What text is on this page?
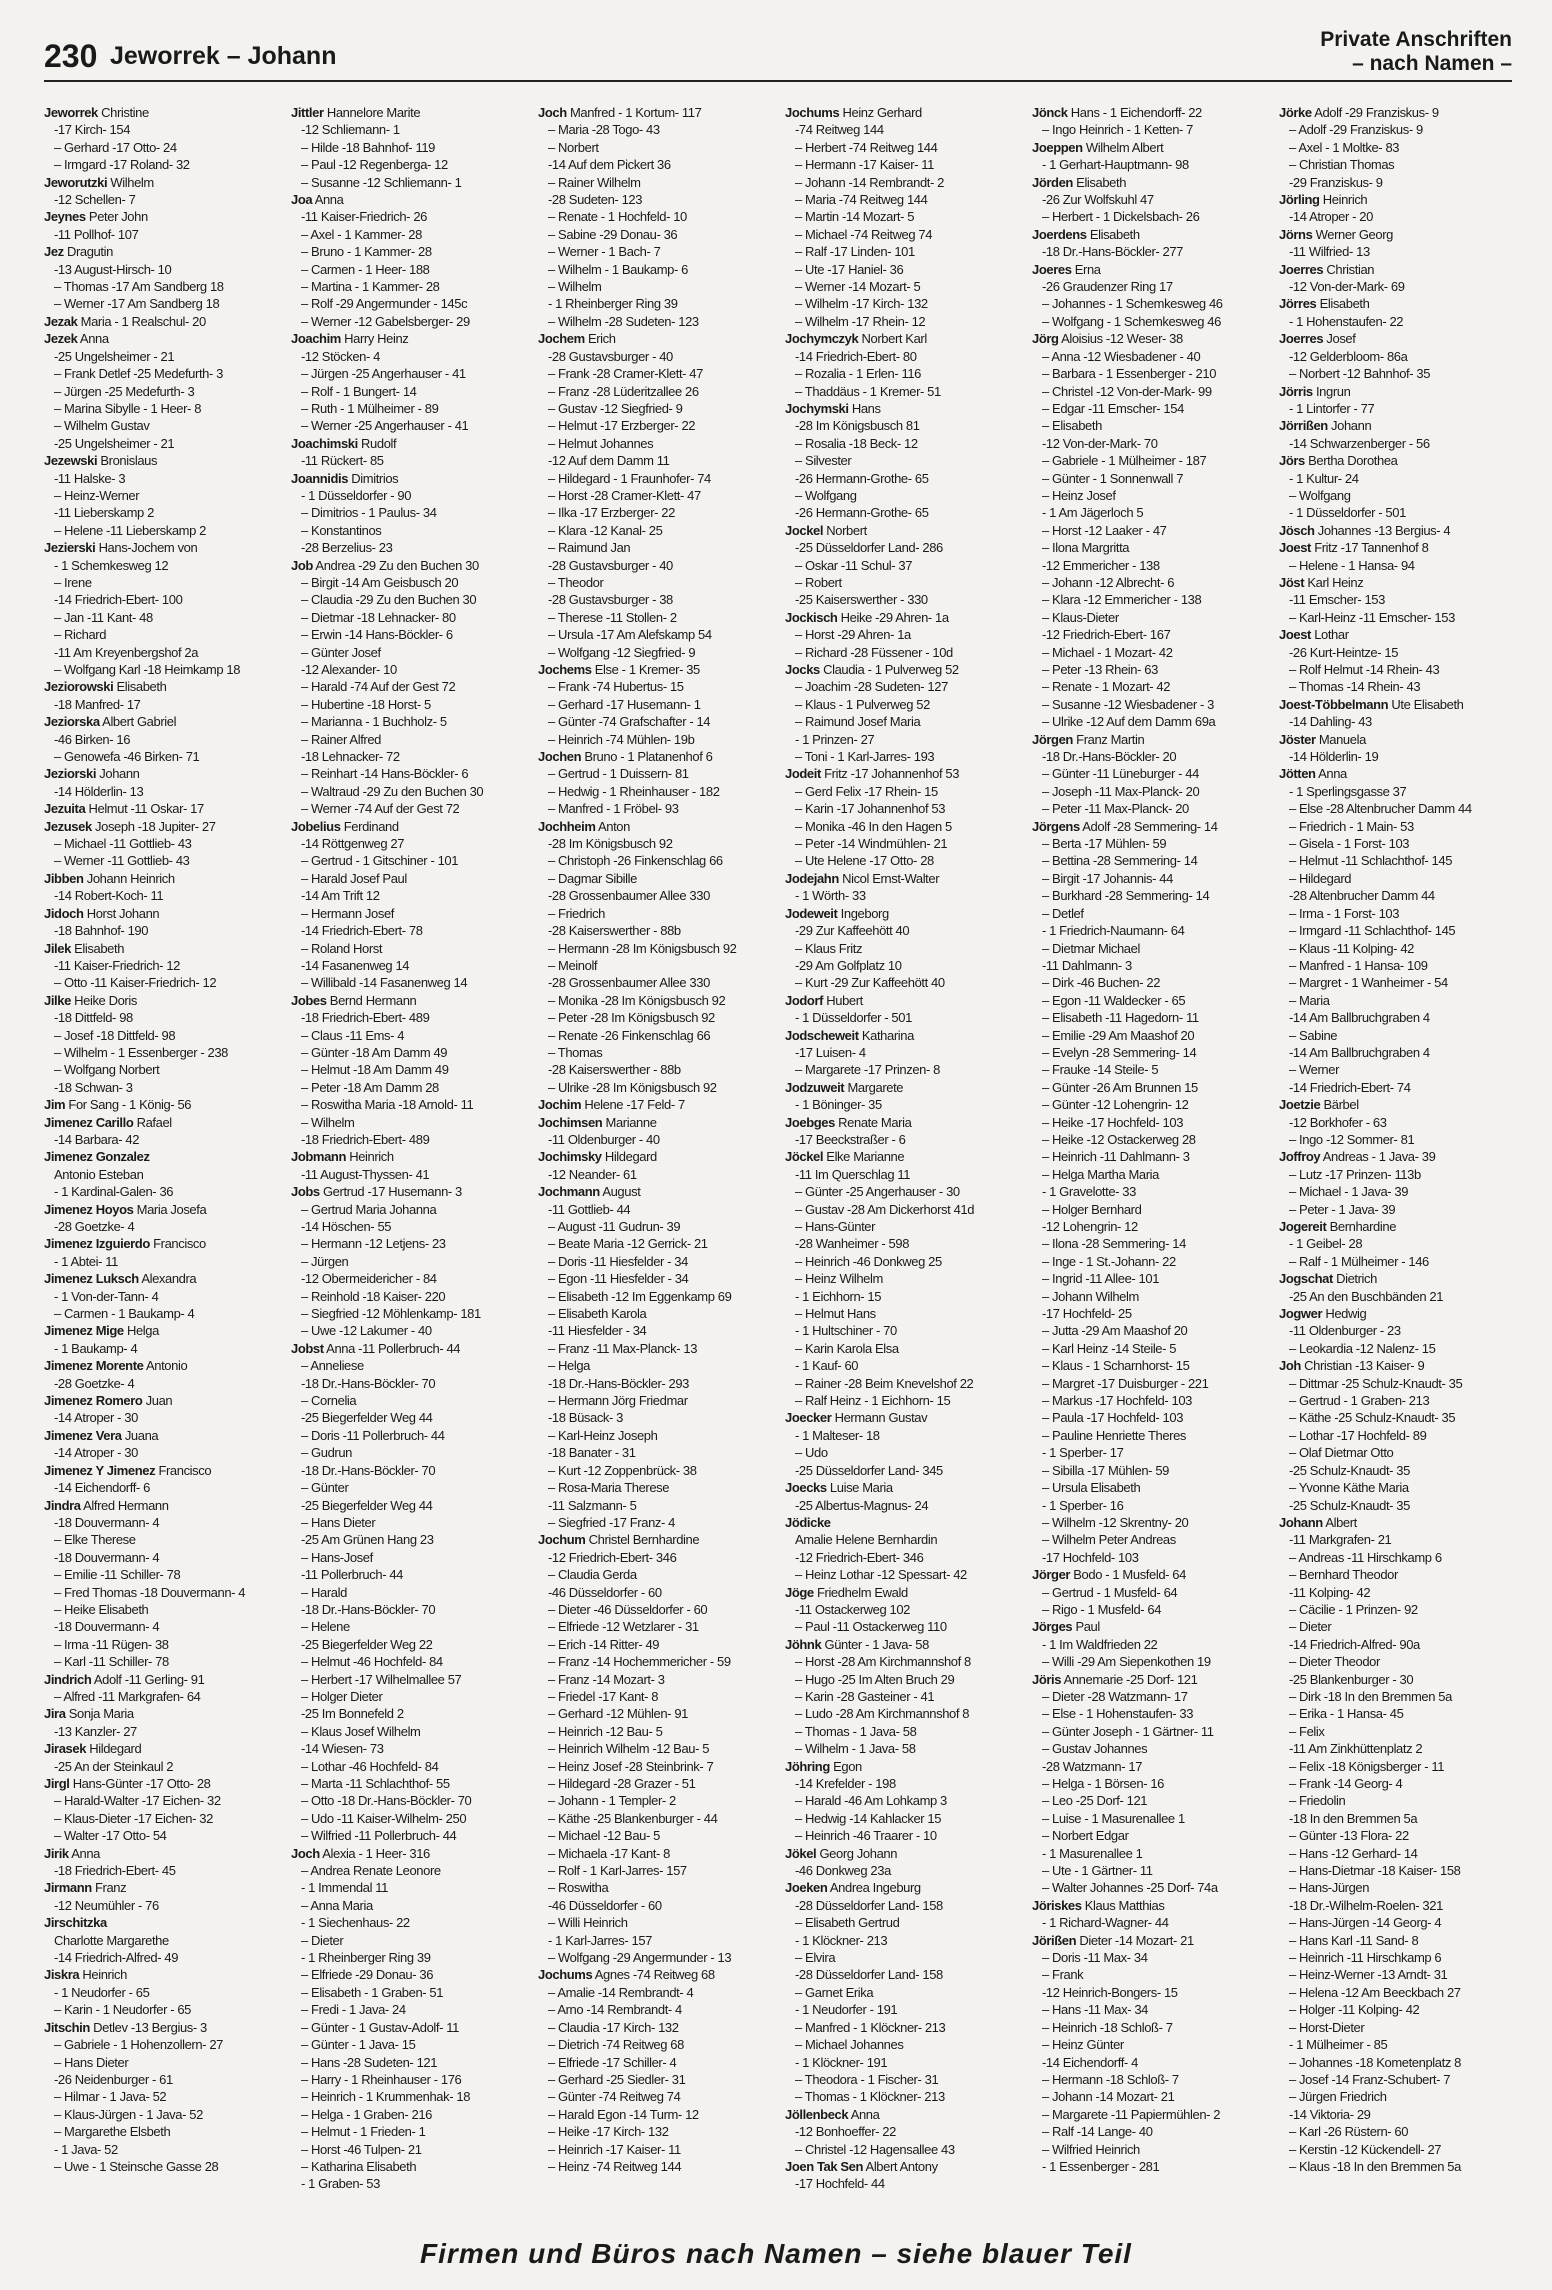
230 Jeworrek – Johann
Private Anschriften
– nach Namen –
Jeworrek Christine
-17 Kirch- 154
– Gerhard -17 Otto- 24
– Irmgard -17 Roland- 32
Jeworutzki Wilhelm
-12 Schellen- 7
Jeynes Peter John
-11 Pollhof- 107
Jez Dragutin
-13 August-Hirsch- 10
– Thomas -17 Am Sandberg 18
– Werner -17 Am Sandberg 18
Jezak Maria - 1 Realschul- 20
Jezek Anna
-25 Ungelsheimer - 21
– Frank Detlef -25 Medefurth- 3
– Jürgen -25 Medefurth- 3
– Marina Sibylle - 1 Heer- 8
– Wilhelm Gustav
-25 Ungelsheimer - 21
Jezewski Bronislaus
-11 Halske- 3
– Heinz-Werner
-11 Lieberskamp 2
– Helene -11 Lieberskamp 2
Jezierski Hans-Jochem von
- 1 Schemkesweg 12
– Irene
-14 Friedrich-Ebert- 100
– Jan -11 Kant- 48
– Richard
-11 Am Kreyenbergshof 2a
– Wolfgang Karl -18 Heimkamp 18
Jeziorowski Elisabeth
-18 Manfred- 17
Jeziorska Albert Gabriel
-46 Birken- 16
– Genowefa -46 Birken- 71
Jeziorski Johann
-14 Hölderlin- 13
Jezuita Helmut -11 Oskar- 17
Jezusek Joseph -18 Jupiter- 27
– Michael -11 Gottlieb- 43
– Werner -11 Gottlieb- 43
Jibben Johann Heinrich
-14 Robert-Koch- 11
Jidoch Horst Johann
-18 Bahnhof- 190
Jilek Elisabeth
-11 Kaiser-Friedrich- 12
– Otto -11 Kaiser-Friedrich- 12
Jilke Heike Doris
-18 Dittfeld- 98
– Josef -18 Dittfeld- 98
– Wilhelm - 1 Essenberger - 238
– Wolfgang Norbert
-18 Schwan- 3
Jim For Sang - 1 König- 56
Jimenez Carillo Rafael
-14 Barbara- 42
Jimenez Gonzalez
Antonio Esteban
- 1 Kardinal-Galen- 36
Jimenez Hoyos Maria Josefa
-28 Goetzke- 4
Jimenez Izguierdo Francisco
- 1 Abtei- 11
Jimenez Luksch Alexandra
- 1 Von-der-Tann- 4
– Carmen - 1 Baukamp- 4
Jimenez Mige Helga
- 1 Baukamp- 4
Jimenez Morente Antonio
-28 Goetzke- 4
Jimenez Romero Juan
-14 Atroper - 30
Jimenez Vera Juana
-14 Atroper - 30
Jimenez Y Jimenez Francisco
-14 Eichendorff- 6
Jindra Alfred Hermann
-18 Douvermann- 4
– Elke Therese
-18 Douvermann- 4
– Emilie -11 Schiller- 78
– Fred Thomas -18 Douvermann- 4
– Heike Elisabeth
-18 Douvermann- 4
– Irma -11 Rügen- 38
– Karl -11 Schiller- 78
Jindrich Adolf -11 Gerling- 91
– Alfred -11 Markgrafen- 64
Jira Sonja Maria
-13 Kanzler- 27
Jirasek Hildegard
-25 An der Steinkaul 2
Jirgl Hans-Günter -17 Otto- 28
– Harald-Walter -17 Eichen- 32
– Klaus-Dieter -17 Eichen- 32
– Walter -17 Otto- 54
Jirik Anna
-18 Friedrich-Ebert- 45
Jirmann Franz
-12 Neumühler - 76
Jirschitzka
Charlotte Margarethe
-14 Friedrich-Alfred- 49
Jiskra Heinrich
- 1 Neudorfer - 65
– Karin - 1 Neudorfer - 65
Jitschin Detlev -13 Bergius- 3
– Gabriele - 1 Hohenzollern- 27
– Hans Dieter
-26 Neidenburger - 61
– Hilmar - 1 Java- 52
– Klaus-Jürgen - 1 Java- 52
– Margarethe Elsbeth
- 1 Java- 52
– Uwe - 1 Steinsche Gasse 28
Jittler Hannelore Marite
-12 Schliemann- 1
– Hilde -18 Bahnhof- 119
– Paul -12 Regenberga- 12
– Susanne -12 Schliemann- 1
Joa Anna
-11 Kaiser-Friedrich- 26
– Axel - 1 Kammer- 28
– Bruno - 1 Kammer- 28
– Carmen - 1 Heer- 188
– Martina - 1 Kammer- 28
– Rolf -29 Angermunder - 145c
– Werner -12 Gabelsberger- 29
Joachim Harry Heinz
-12 Stöcken- 4
– Jürgen -25 Angerhauser - 41
– Rolf - 1 Bungert- 14
– Ruth - 1 Mülheimer - 89
– Werner -25 Angerhauser - 41
Joachimski Rudolf
-11 Rückert- 85
Joannidis Dimitrios
- 1 Düsseldorfer - 90
– Dimitrios - 1 Paulus- 34
– Konstantinos
-28 Berzelius- 23
Job Andrea -29 Zu den Buchen 30
– Birgit -14 Am Geisbusch 20
– Claudia -29 Zu den Buchen 30
– Dietmar -18 Lehnacker- 80
– Erwin -14 Hans-Böckler- 6
– Günter Josef
-12 Alexander- 10
– Harald -74 Auf der Gest 72
– Hubertine -18 Horst- 5
– Marianna - 1 Buchholz- 5
– Rainer Alfred
-18 Lehnacker- 72
– Reinhart -14 Hans-Böckler- 6
– Waltraud -29 Zu den Buchen 30
– Werner -74 Auf der Gest 72
Jobelius Ferdinand
-14 Röttgenweg 27
– Gertrud - 1 Gitschiner - 101
– Harald Josef Paul
-14 Am Trift 12
– Hermann Josef
-14 Friedrich-Ebert- 78
– Roland Horst
-14 Fasanenweg 14
– Willibald -14 Fasanenweg 14
Jobes Bernd Hermann
-18 Friedrich-Ebert- 489
– Claus -11 Ems- 4
– Günter -18 Am Damm 49
– Helmut -18 Am Damm 49
– Peter -18 Am Damm 28
– Roswitha Maria -18 Arnold- 11
– Wilhelm
-18 Friedrich-Ebert- 489
Jobmann Heinrich
-11 August-Thyssen- 41
Jobs Gertrud -17 Husemann- 3
– Gertrud Maria Johanna
-14 Höschen- 55
– Hermann -12 Letjens- 23
– Jürgen
-12 Obermeidericher - 84
– Reinhold -18 Kaiser- 220
– Siegfried -12 Möhlenkamp- 181
– Uwe -12 Lakumer - 40
Jobst Anna -11 Pollerbruch- 44
– Anneliese
-18 Dr.-Hans-Böckler- 70
– Cornelia
-25 Biegerfelder Weg 44
– Doris -11 Pollerbruch- 44
– Gudrun
-18 Dr.-Hans-Böckler- 70
– Günter
-25 Biegerfelder Weg 44
– Hans Dieter
-25 Am Grünen Hang 23
– Hans-Josef
-11 Pollerbruch- 44
– Harald
-18 Dr.-Hans-Böckler- 70
– Helene
-25 Biegerfelder Weg 22
– Helmut -46 Hochfeld- 84
– Herbert -17 Wilhelmallee 57
– Holger Dieter
-25 Im Bonnefeld 2
– Klaus Josef Wilhelm
-14 Wiesen- 73
– Lothar -46 Hochfeld- 84
– Marta -11 Schlachthof- 55
– Otto -18 Dr.-Hans-Böckler- 70
– Udo -11 Kaiser-Wilhelm- 250
– Wilfried -11 Pollerbruch- 44
Joch Alexia - 1 Heer- 316
– Andrea Renate Leonore
- 1 Immendal 11
– Anna Maria
- 1 Siechenhaus- 22
– Dieter
- 1 Rheinberger Ring 39
– Elfriede -29 Donau- 36
– Elisabeth - 1 Graben- 51
– Fredi - 1 Java- 24
– Günter - 1 Gustav-Adolf- 11
– Günter - 1 Java- 15
– Hans -28 Sudeten- 121
– Harry - 1 Rheinhauser - 176
– Heinrich - 1 Krummenhak- 18
– Helga - 1 Graben- 216
– Helmut - 1 Frieden- 1
– Horst -46 Tulpen- 21
– Katharina Elisabeth
- 1 Graben- 53
Joch Manfred - 1 Kortum- 117
– Maria -28 Togo- 43
– Norbert
-14 Auf dem Pickert 36
– Rainer Wilhelm
-28 Sudeten- 123
– Renate - 1 Hochfeld- 10
– Sabine -29 Donau- 36
– Werner - 1 Bach- 7
– Wilhelm - 1 Baukamp- 6
– Wilhelm
- 1 Rheinberger Ring 39
– Wilhelm -28 Sudeten- 123
Jochem Erich
-28 Gustavsburger - 40
– Frank -28 Cramer-Klett- 47
– Franz -28 Lüderitzallee 26
– Gustav -12 Siegfried- 9
– Helmut -17 Erzberger- 22
– Helmut Johannes
-12 Auf dem Damm 11
– Hildegard - 1 Fraunhofer- 74
– Horst -28 Cramer-Klett- 47
– Ilka -17 Erzberger- 22
– Klara -12 Kanal- 25
– Raimund Jan
-28 Gustavsburger - 40
– Theodor
-28 Gustavsburger - 38
– Therese -11 Stollen- 2
– Ursula -17 Am Alefskamp 54
– Wolfgang -12 Siegfried- 9
Jochems Else - 1 Kremer- 35
– Frank -74 Hubertus- 15
– Gerhard -17 Husemann- 1
– Günter -74 Grafschafter - 14
– Heinrich -74 Mühlen- 19b
Jochen Bruno - 1 Platanenhof 6
– Gertrud - 1 Duissern- 81
– Hedwig - 1 Rheinhauser - 182
– Manfred - 1 Fröbel- 93
Jochheim Anton
-28 Im Königsbusch 92
– Christoph -26 Finkenschlag 66
– Dagmar Sibille
-28 Grossenbaumer Allee 330
– Friedrich
-28 Kaiserswerther - 88b
– Hermann -28 Im Königsbusch 92
– Meinolf
-28 Grossenbaumer Allee 330
– Monika -28 Im Königsbusch 92
– Peter -28 Im Königsbusch 92
– Renate -26 Finkenschlag 66
– Thomas
-28 Kaiserswerther - 88b
– Ulrike -28 Im Königsbusch 92
Jochim Helene -17 Feld- 7
Jochimsen Marianne
-11 Oldenburger - 40
Jochimsky Hildegard
-12 Neander- 61
Jochmann August
-11 Gottlieb- 44
– August -11 Gudrun- 39
– Beate Maria -12 Gerrick- 21
– Doris -11 Hiesfelder - 34
– Egon -11 Hiesfelder - 34
– Elisabeth -12 Im Eggenkamp 69
– Elisabeth Karola
-11 Hiesfelder - 34
– Franz -11 Max-Planck- 13
– Helga
-18 Dr.-Hans-Böckler- 293
– Hermann Jörg Friedmar
-18 Büsack- 3
– Karl-Heinz Joseph
-18 Banater - 31
– Kurt -12 Zoppenbrück- 38
– Rosa-Maria Therese
-11 Salzmann- 5
– Siegfried -17 Franz- 4
Jochum Christel Bernhardine
-12 Friedrich-Ebert- 346
– Claudia Gerda
-46 Düsseldorfer - 60
– Dieter -46 Düsseldorfer - 60
– Elfriede -12 Wetzlarer - 31
– Erich -14 Ritter- 49
– Franz -14 Hochemmericher - 59
– Franz -14 Mozart- 3
– Friedel -17 Kant- 8
– Gerhard -12 Mühlen- 91
– Heinrich -12 Bau- 5
– Heinrich Wilhelm -12 Bau- 5
– Heinz Josef -28 Steinbrink- 7
– Hildegard -28 Grazer - 51
– Johann - 1 Templer- 2
– Käthe -25 Blankenburger - 44
– Michael -12 Bau- 5
– Michaela -17 Kant- 8
– Rolf - 1 Karl-Jarres- 157
– Roswitha
-46 Düsseldorfer - 60
– Willi Heinrich
- 1 Karl-Jarres- 157
– Wolfgang -29 Angermunder - 13
Jochums Agnes -74 Reitweg 68
– Amalie -14 Rembrandt- 4
– Arno -14 Rembrandt- 4
– Claudia -17 Kirch- 132
– Dietrich -74 Reitweg 68
– Elfriede -17 Schiller- 4
– Gerhard -25 Siedler- 31
– Günter -74 Reitweg 74
– Harald Egon -14 Turm- 12
– Heike -17 Kirch- 132
– Heinrich -17 Kaiser- 11
– Heinz -74 Reitweg 144
Jochums Heinz Gerhard
-74 Reitweg 144
– Herbert -74 Reitweg 144
– Hermann -17 Kaiser- 11
– Johann -14 Rembrandt- 2
– Maria -74 Reitweg 144
– Martin -14 Mozart- 5
– Michael -74 Reitweg 74
– Ralf -17 Linden- 101
– Ute -17 Haniel- 36
– Werner -14 Mozart- 5
– Wilhelm -17 Kirch- 132
– Wilhelm -17 Rhein- 12
Jochymczyk Norbert Karl
-14 Friedrich-Ebert- 80
– Rozalia - 1 Erlen- 116
– Thaddäus - 1 Kremer- 51
Jochymski Hans
-28 Im Königsbusch 81
– Rosalia -18 Beck- 12
– Silvester
-26 Hermann-Grothe- 65
– Wolfgang
-26 Hermann-Grothe- 65
Jockel Norbert
-25 Düsseldorfer Land- 286
– Oskar -11 Schul- 37
– Robert
-25 Kaiserswerther - 330
Jockisch Heike -29 Ahren- 1a
– Horst -29 Ahren- 1a
– Richard -28 Füssener - 10d
Jocks Claudia - 1 Pulverweg 52
– Joachim -28 Sudeten- 127
– Klaus - 1 Pulverweg 52
– Raimund Josef Maria
- 1 Prinzen- 27
– Toni - 1 Karl-Jarres- 193
Jodeit Fritz -17 Johannenhof 53
– Gerd Felix -17 Rhein- 15
– Karin -17 Johannenhof 53
– Monika -46 In den Hagen 5
– Peter -14 Windmühlen- 21
– Ute Helene -17 Otto- 28
Jodejahn Nicol Ernst-Walter
- 1 Wörth- 33
Jodeweit Ingeborg
-29 Zur Kaffeehött 40
– Klaus Fritz
-29 Am Golfplatz 10
– Kurt -29 Zur Kaffeehött 40
Jodorf Hubert
- 1 Düsseldorfer - 501
Jodscheweit Katharina
-17 Luisen- 4
– Margarete -17 Prinzen- 8
Jodzuweit Margarete
- 1 Böninger- 35
Joebges Renate Maria
-17 Beeckstraßer - 6
Jöckel Elke Marianne
-11 Im Querschlag 11
– Günter -25 Angerhauser - 30
– Gustav -28 Am Dickerhorst 41d
– Hans-Günter
-28 Wanheimer - 598
– Heinrich -46 Donkweg 25
– Heinz Wilhelm
- 1 Eichhorn- 15
– Helmut Hans
- 1 Hultschiner - 70
– Karin Karola Elsa
- 1 Kauf- 60
– Rainer -28 Beim Knevelshof 22
– Ralf Heinz - 1 Eichhorn- 15
Joecker Hermann Gustav
- 1 Malteser- 18
– Udo
-25 Düsseldorfer Land- 345
Joecks Luise Maria
-25 Albertus-Magnus- 24
Jödicke
Amalie Helene Bernhardin
-12 Friedrich-Ebert- 346
– Heinz Lothar -12 Spessart- 42
Jöge Friedhelm Ewald
-11 Ostackerweg 102
– Paul -11 Ostackerweg 110
Jöhnk Günter - 1 Java- 58
– Horst -28 Am Kirchmannshof 8
– Hugo -25 Im Alten Bruch 29
– Karin -28 Gasteiner - 41
– Ludo -28 Am Kirchmannshof 8
– Thomas - 1 Java- 58
– Wilhelm - 1 Java- 58
Jöhring Egon
-14 Krefelder - 198
– Harald -46 Am Lohkamp 3
– Hedwig -14 Kahlacker 15
– Heinrich -46 Traarer - 10
Jökel Georg Johann
-46 Donkweg 23a
Joeken Andrea Ingeburg
-28 Düsseldorfer Land- 158
– Elisabeth Gertrud
- 1 Klöckner- 213
– Elvira
-28 Düsseldorfer Land- 158
– Garnet Erika
- 1 Neudorfer - 191
– Manfred - 1 Klöckner- 213
– Michael Johannes
- 1 Klöckner- 191
– Theodora - 1 Fischer- 31
– Thomas - 1 Klöckner- 213
Jöllenbeck Anna
-12 Bonhoeffer- 22
– Christel -12 Hagensallee 43
Joen Tak Sen Albert Antony
-17 Hochfeld- 44
Jönck Hans - 1 Eichendorff- 22
– Ingo Heinrich - 1 Ketten- 7
Joeppen Wilhelm Albert
- 1 Gerhart-Hauptmann- 98
Jörden Elisabeth
-26 Zur Wolfskuhl 47
– Herbert - 1 Dickelsbach- 26
Joerdens Elisabeth
-18 Dr.-Hans-Böckler- 277
Joeres Erna
-26 Graudenzer Ring 17
– Johannes - 1 Schemkesweg 46
– Wolfgang - 1 Schemkesweg 46
Jörg Aloisius -12 Weser- 38
– Anna -12 Wiesbadener - 40
– Barbara - 1 Essenberger - 210
– Christel -12 Von-der-Mark- 99
– Edgar -11 Emscher- 154
– Elisabeth
-12 Von-der-Mark- 70
– Gabriele - 1 Mülheimer - 187
– Günter - 1 Sonnenwall 7
– Heinz Josef
- 1 Am Jägerloch 5
– Horst -12 Laaker - 47
– Ilona Margritta
-12 Emmericher - 138
– Johann -12 Albrecht- 6
– Klara -12 Emmericher - 138
– Klaus-Dieter
-12 Friedrich-Ebert- 167
– Michael - 1 Mozart- 42
– Peter -13 Rhein- 63
– Renate - 1 Mozart- 42
– Susanne -12 Wiesbadener - 3
– Ulrike -12 Auf dem Damm 69a
Jörgen Franz Martin
-18 Dr.-Hans-Böckler- 20
– Günter -11 Lüneburger - 44
– Joseph -11 Max-Planck- 20
– Peter -11 Max-Planck- 20
Jörgens Adolf -28 Semmering- 14
– Berta -17 Mühlen- 59
– Bettina -28 Semmering- 14
– Birgit -17 Johannis- 44
– Burkhard -28 Semmering- 14
– Detlef
- 1 Friedrich-Naumann- 64
– Dietmar Michael
-11 Dahlmann- 3
– Dirk -46 Buchen- 22
– Egon -11 Waldecker - 65
– Elisabeth -11 Hagedorn- 11
– Emilie -29 Am Maashof 20
– Evelyn -28 Semmering- 14
– Frauke -14 Steile- 5
– Günter -26 Am Brunnen 15
– Günter -12 Lohengrin- 12
– Heike -17 Hochfeld- 103
– Heike -12 Ostackerweg 28
– Heinrich -11 Dahlmann- 3
– Helga Martha Maria
- 1 Gravelotte- 33
– Holger Bernhard
-12 Lohengrin- 12
– Ilona -28 Semmering- 14
– Inge - 1 St.-Johann- 22
– Ingrid -11 Allee- 101
– Johann Wilhelm
-17 Hochfeld- 25
– Jutta -29 Am Maashof 20
– Karl Heinz -14 Steile- 5
– Klaus - 1 Scharnhorst- 15
– Margret -17 Duisburger - 221
– Markus -17 Hochfeld- 103
– Paula -17 Hochfeld- 103
– Pauline Henriette Theres
- 1 Sperber- 17
– Sibilla -17 Mühlen- 59
– Ursula Elisabeth
- 1 Sperber- 16
– Wilhelm -12 Skrentny- 20
– Wilhelm Peter Andreas
-17 Hochfeld- 103
Jörger Bodo - 1 Musfeld- 64
– Gertrud - 1 Musfeld- 64
– Rigo - 1 Musfeld- 64
Jörges Paul
- 1 Im Waldfrieden 22
– Willi -29 Am Siepenkothen 19
Jöris Annemarie -25 Dorf- 121
– Dieter -28 Watzmann- 17
– Else - 1 Hohenstaufen- 33
– Günter Joseph - 1 Gärtner- 11
– Gustav Johannes
-28 Watzmann- 17
– Helga - 1 Börsen- 16
– Leo -25 Dorf- 121
– Luise - 1 Masurenallee 1
– Norbert Edgar
- 1 Masurenallee 1
– Ute - 1 Gärtner- 11
– Walter Johannes -25 Dorf- 74a
Jöriskes Klaus Matthias
- 1 Richard-Wagner- 44
Jörißen Dieter -14 Mozart- 21
– Doris -11 Max- 34
– Frank
-12 Heinrich-Bongers- 15
– Hans -11 Max- 34
– Heinrich -18 Schloß- 7
– Heinz Günter
-14 Eichendorff- 4
– Hermann -18 Schloß- 7
– Johann -14 Mozart- 21
– Margarete -11 Papiermühlen- 2
– Ralf -14 Lange- 40
– Wilfried Heinrich
- 1 Essenberger - 281
Jörke Adolf -29 Franziskus- 9
– Adolf -29 Franziskus- 9
– Axel - 1 Moltke- 83
– Christian Thomas
-29 Franziskus- 9
Jörling Heinrich
-14 Atroper - 20
Jörns Werner Georg
-11 Wilfried- 13
Joerres Christian
-12 Von-der-Mark- 69
Jörres Elisabeth
- 1 Hohenstaufen- 22
Joerres Josef
-12 Gelderbloom- 86a
– Norbert -12 Bahnhof- 35
Jörris Ingrun
- 1 Lintorfer - 77
Jörrißen Johann
-14 Schwarzenberger - 56
Jörs Bertha Dorothea
- 1 Kultur- 24
– Wolfgang
- 1 Düsseldorfer - 501
Jösch Johannes -13 Bergius- 4
Joest Fritz -17 Tannenhof 8
– Helene - 1 Hansa- 94
Jöst Karl Heinz
-11 Emscher- 153
– Karl-Heinz -11 Emscher- 153
Joest Lothar
-26 Kurt-Heintze- 15
– Rolf Helmut -14 Rhein- 43
– Thomas -14 Rhein- 43
Joest-Többelmann Ute Elisabeth
-14 Dahling- 43
Jöster Manuela
-14 Hölderlin- 19
Jötten Anna
- 1 Sperlingsgasse 37
– Else -28 Altenbrucher Damm 44
– Friedrich - 1 Main- 53
– Gisela - 1 Forst- 103
– Helmut -11 Schlachthof- 145
– Hildegard
-28 Altenbrucher Damm 44
– Irma - 1 Forst- 103
– Irmgard -11 Schlachthof- 145
– Klaus -11 Kolping- 42
– Manfred - 1 Hansa- 109
– Margret - 1 Wanheimer - 54
– Maria
-14 Am Ballbruchgraben 4
– Sabine
-14 Am Ballbruchgraben 4
– Werner
-14 Friedrich-Ebert- 74
Joetzie Bärbel
-12 Borkhofer - 63
– Ingo -12 Sommer- 81
Joffroy Andreas - 1 Java- 39
– Lutz -17 Prinzen- 113b
– Michael - 1 Java- 39
– Peter - 1 Java- 39
Jogereit Bernhardine
- 1 Geibel- 28
– Ralf - 1 Mülheimer - 146
Jogschat Dietrich
-25 An den Buschbänden 21
Jogwer Hedwig
-11 Oldenburger - 23
– Leokardia -12 Nalenz- 15
Joh Christian -13 Kaiser- 9
– Dittmar -25 Schulz-Knaudt- 35
– Gertrud - 1 Graben- 213
– Käthe -25 Schulz-Knaudt- 35
– Lothar -17 Hochfeld- 89
– Olaf Dietmar Otto
-25 Schulz-Knaudt- 35
– Yvonne Käthe Maria
-25 Schulz-Knaudt- 35
Johann Albert
-11 Markgrafen- 21
– Andreas -11 Hirschkamp 6
– Bernhard Theodor
-11 Kolping- 42
– Cäcilie - 1 Prinzen- 92
– Dieter
-14 Friedrich-Alfred- 90a
– Dieter Theodor
-25 Blankenburger - 30
– Dirk -18 In den Bremmen 5a
– Erika - 1 Hansa- 45
– Felix
-11 Am Zinkhüttenplatz 2
– Felix -18 Königsberger - 11
– Frank -14 Georg- 4
– Friedolin
-18 In den Bremmen 5a
– Günter -13 Flora- 22
– Hans -12 Gerhard- 14
– Hans-Dietmar -18 Kaiser- 158
– Hans-Jürgen
-18 Dr.-Wilhelm-Roelen- 321
– Hans-Jürgen -14 Georg- 4
– Hans Karl -11 Sand- 8
– Heinrich -11 Hirschkamp 6
– Heinz-Werner -13 Arndt- 31
– Helena -12 Am Beeckbach 27
– Holger -11 Kolping- 42
– Horst-Dieter
- 1 Mülheimer - 85
– Johannes -18 Kometenplatz 8
– Josef -14 Franz-Schubert- 7
– Jürgen Friedrich
-14 Viktoria- 29
– Karl -26 Rüstern- 60
– Kerstin -12 Kückendell- 27
– Klaus -18 In den Bremmen 5a
Firmen und Büros nach Namen – siehe blauer Teil
